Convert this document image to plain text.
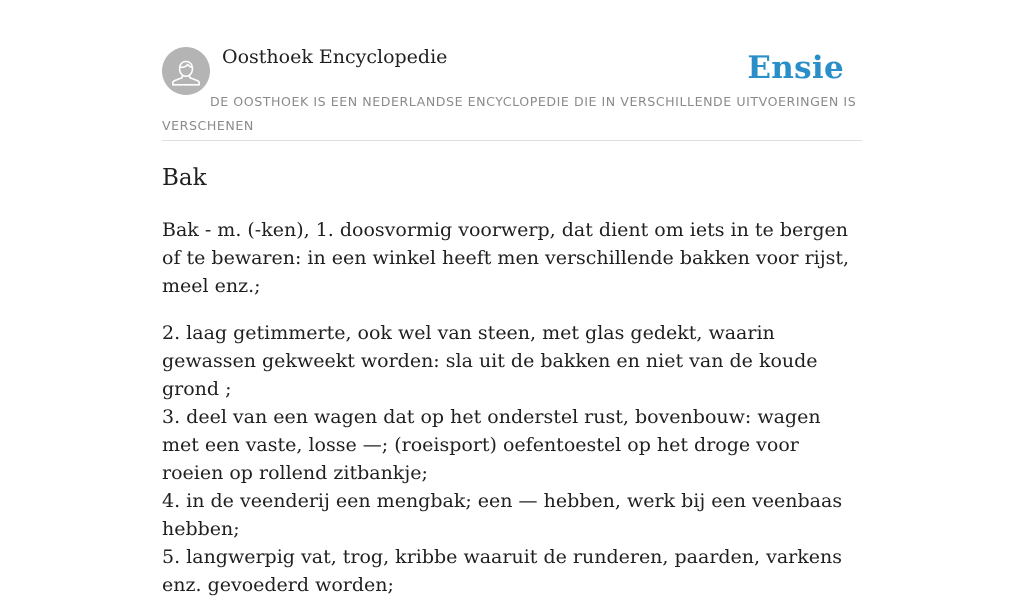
Oosthoek Encyclopedie	Ensie
DE OOSTHOEK IS EEN NEDERLANDSE ENCYCLOPEDIE DIE IN VERSCHILLENDE UITVOERINGEN IS VERSCHENEN
Bak

Bak - m. (-ken), 1. doosvormig voorwerp, dat dient om iets in te bergen of te bewaren: in een winkel heeft men verschillende bakken voor rijst, meel enz.;

2. laag getimmerte, ook wel van steen, met glas gedekt, waarin gewassen gekweekt worden: sla uit de bakken en niet van de koude grond ;
3. deel van een wagen dat op het onderstel rust, bovenbouw: wagen met een vaste, losse —; (roeisport) oefentoestel op het droge voor roeien op rollend zitbankje;
4. in de veenderij een mengbak; een — hebben, werk bij een veenbaas hebben;
5. langwerpig vat, trog, kribbe waaruit de runderen, paarden, varkens enz. gevoederd worden;
